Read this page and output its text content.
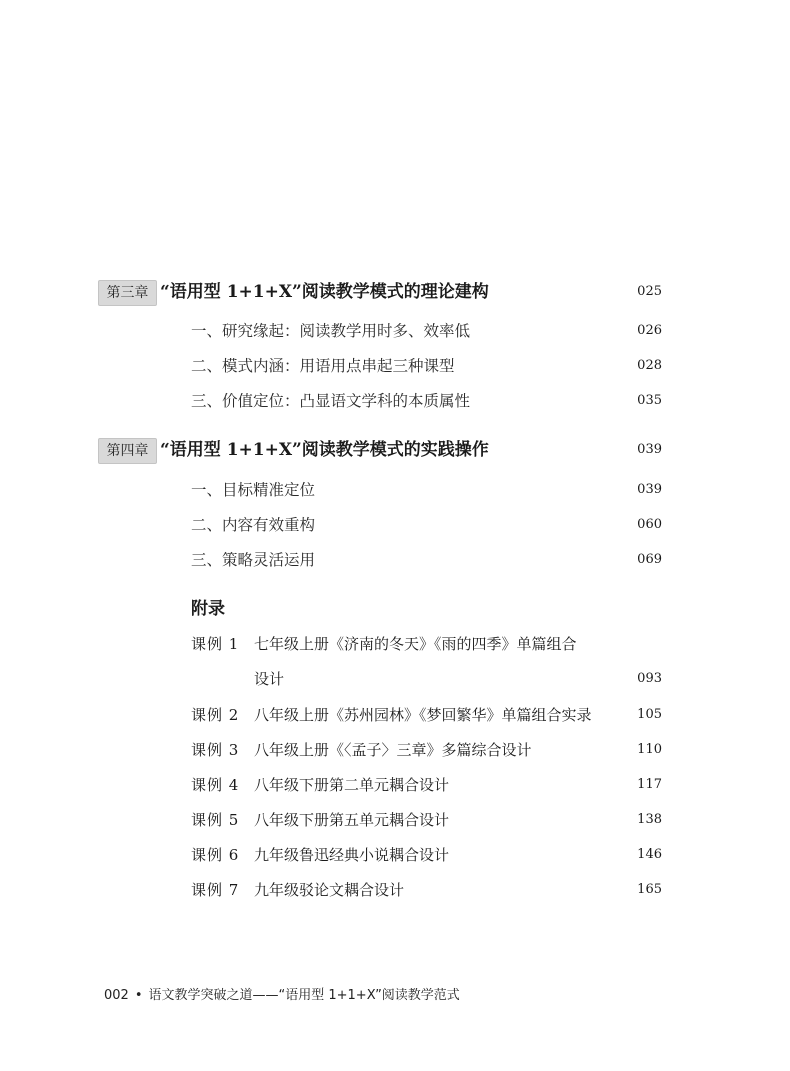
第三章 “语用型 1+1+X”阅读教学模式的理论建构	025
一、研究缘起：阅读教学用时多、效率低	026
二、模式内涵：用语用点串起三种课型	028
三、价值定位：凸显语文学科的本质属性	035
第四章 “语用型 1+1+X”阅读教学模式的实践操作	039
一、目标精准定位	039
二、内容有效重构	060
三、策略灵活运用	069
附录
课例 1 七年级上册《济南的冬天》《雨的四季》单篇组合
设计	093
课例 2 八年级上册《苏州园林》《梦回繁华》单篇组合实录	105
课例 3 八年级上册《〈孟子〉三章》多篇综合设计	110
课例 4 八年级下册第二单元耦合设计	117
课例 5 八年级下册第五单元耦合设计	138
课例 6 九年级鲁迅经典小说耦合设计	146
课例 7 九年级驳论文耦合设计	165
002 • 语文教学突破之道——“语用型 1+1+X”阅读教学范式
